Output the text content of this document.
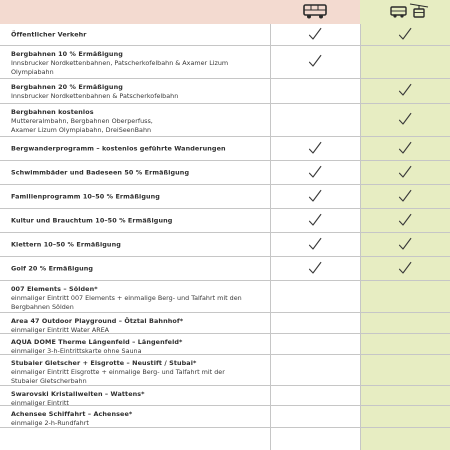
Öffentlicher Verkehr
Bergbahnen 10 % Ermäßigung
Innsbrucker Nordkettenbahnen, Patscherkofelbahn & Axamer Lizum
Olympiabahn
Bergbahnen 20 % Ermäßigung
Innsbrucker Nordkettenbahnen & Patscherkofelbahn
Bergbahnen kostenlos
Muttereralmbahn, Bergbahnen Oberperfuss,
Axamer Lizum Olympiabahn, DreiSeenBahn
Bergwanderprogramm – kostenlos geführte Wanderungen
Schwimmbäder und Badeseen 50 % Ermäßigung
Familienprogramm 10–50 % Ermäßigung
Kultur und Brauchtum 10–50 % Ermäßigung
Klettern 10–50 % Ermäßigung
Golf 20 % Ermäßigung
007 Elements – Sölden*
einmaliger Eintritt 007 Elements + einmalige Berg- und Talfahrt mit den
Bergbahnen Sölden
Area 47 Outdoor Playground – Ötztal Bahnhof*
einmaliger Eintritt Water AREA
AQUA DOME Therme Längenfeld – Längenfeld*
einmaliger 3-h-Eintrittskarte ohne Sauna
Stubaier Gletscher + Eisgrotte – Neustift / Stubai*
einmaliger Eintritt Eisgrotte + einmalige Berg- und Talfahrt mit der
Stubaier Gletscherbahn
Swarovski Kristallwelten – Wattens*
einmaliger Eintritt
Achensee Schiffahrt – Achensee*
einmalige 2-h-Rundfahrt
